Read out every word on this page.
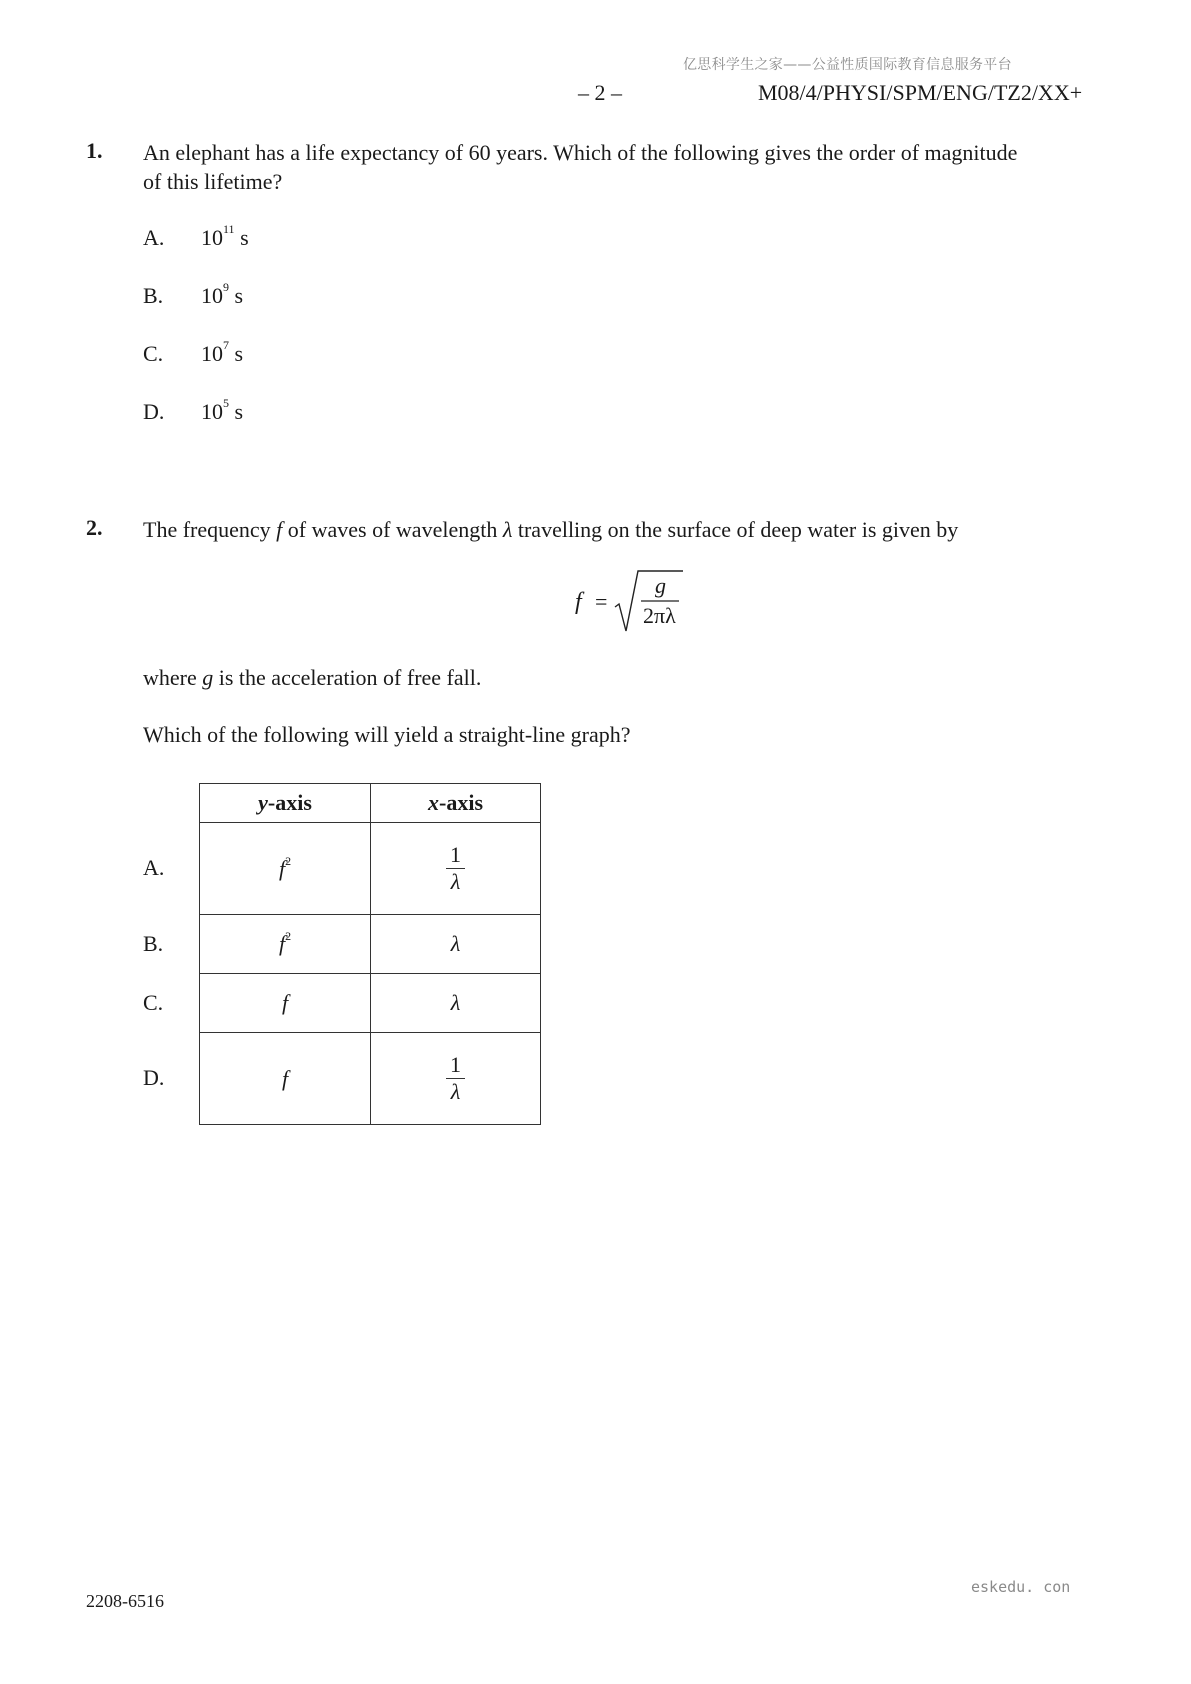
亿思科学生之家——公益性质国际教育信息服务平台
– 2 –	M08/4/PHYSI/SPM/ENG/TZ2/XX+
1. An elephant has a life expectancy of 60 years. Which of the following gives the order of magnitude
of this lifetime?
A. $10^{11}$ s
B. $10^9$ s
C. $10^7$ s
D. $10^5$ s
2. The frequency f of waves of wavelength λ travelling on the surface of deep water is given by
f =
g
2πλ
where g is the acceleration of free fall.
Which of the following will yield a straight-line graph?
A.
B.
C.
D.
y-axis	x-axis
$f^2$	$\frac{1}{\lambda}$

$f^2$	λ
f	λ
f	$\frac{1}{\lambda}$
2208-6516
eskedu. con
